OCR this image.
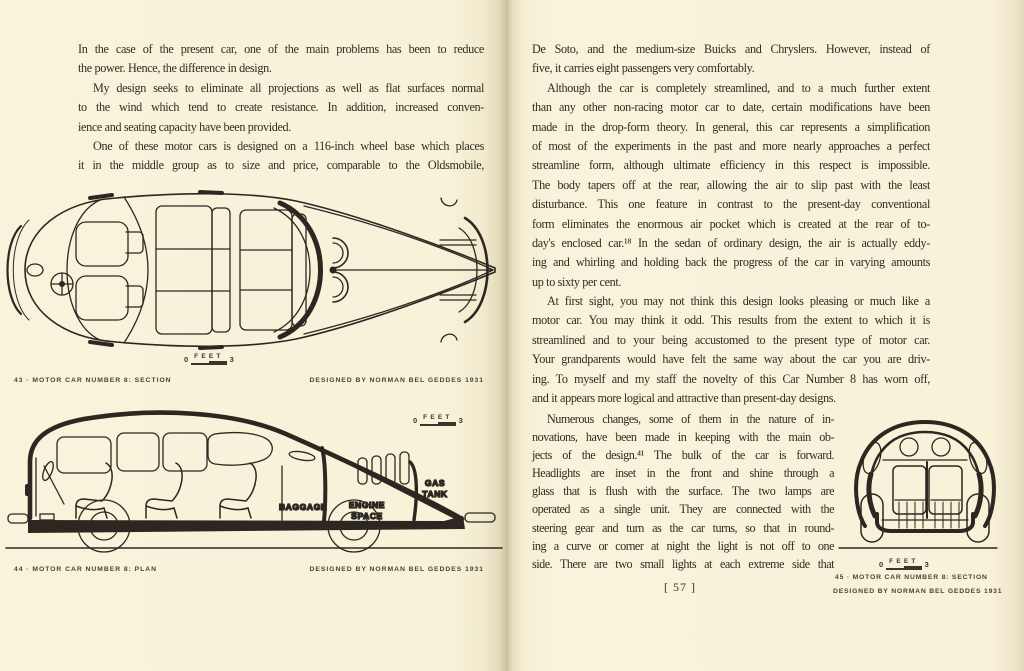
In the case of the present car, one of the main problems has been to reduce
the power. Hence, the difference in design.
My design seeks to eliminate all projections as well as flat surfaces normal
to the wind which tend to create resistance. In addition, increased conven-
ience and seating capacity have been provided.
One of these motor cars is designed on a 116-inch wheel base which places
it in the middle group as to size and price, comparable to the Oldsmobile,
0 FEET 3
43 · MOTOR CAR NUMBER 8: SECTION	DESIGNED BY NORMAN BEL GEDDES 1931
BAGGAGE	ENGINE
SPACE
GAS
TANK
0 FEET 3
44 · MOTOR CAR NUMBER 8: PLAN	DESIGNED BY NORMAN BEL GEDDES 1931
De Soto, and the medium-size Buicks and Chryslers. However, instead of
five, it carries eight passengers very comfortably.
Although the car is completely streamlined, and to a much further extent
than any other non-racing motor car to date, certain modifications have been
made in the drop-form theory. In general, this car represents a simplification
of most of the experiments in the past and more nearly approaches a perfect
streamline form, although ultimate efficiency in this respect is impossible.
The body tapers off at the rear, allowing the air to slip past with the least
disturbance. This one feature in contrast to the present-day conventional
form eliminates the enormous air pocket which is created at the rear of to-
day's enclosed car.¹⁸ In the sedan of ordinary design, the air is actually eddy-
ing and whirling and holding back the progress of the car in varying amounts
up to sixty per cent.
At first sight, you may not think this design looks pleasing or much like a
motor car. You may think it odd. This results from the extent to which it is
streamlined and to your being accustomed to the present type of motor car.
Your grandparents would have felt the same way about the car you are driv-
ing. To myself and my staff the novelty of this Car Number 8 has worn off,
and it appears more logical and attractive than present-day designs.
Numerous changes, some of them in the nature of in-
novations, have been made in keeping with the main ob-
jects of the design.⁴¹ The bulk of the car is forward.
Headlights are inset in the front and shine through a
glass that is flush with the surface. The two lamps are
operated as a single unit. They are connected with the
steering gear and turn as the car turns, so that in round-
ing a curve or corner at night the light is not off to one
side. There are two small lights at each extreme side that	0 FEET 3
45 · MOTOR CAR NUMBER 8: SECTION
DESIGNED BY NORMAN BEL GEDDES 1931
[ 57 ]
